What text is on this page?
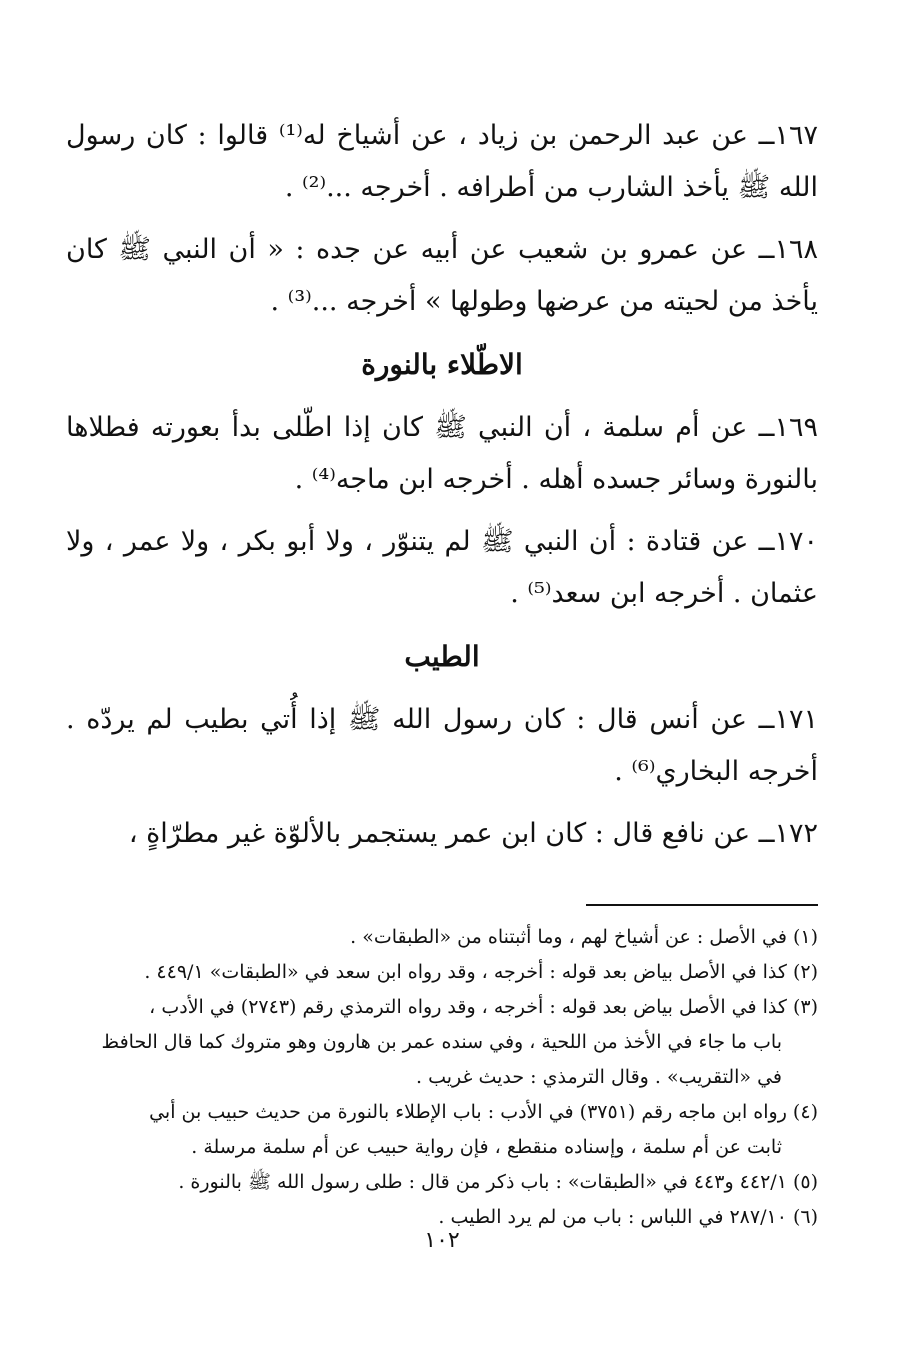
١٦٧ــ عن عبد الرحمن بن زياد ، عن أشياخ له⁽¹⁾ قالوا : كان رسول الله ﷺ يأخذ الشارب من أطرافه . أخرجه ...⁽²⁾ .

١٦٨ــ عن عمرو بن شعيب عن أبيه عن جده : « أن النبي ﷺ كان يأخذ من لحيته من عرضها وطولها » أخرجه ...⁽³⁾ .

الاطّلاء بالنورة

١٦٩ــ عن أم سلمة ، أن النبي ﷺ كان إذا اطّلى بدأ بعورته فطلاها بالنورة وسائر جسده أهله . أخرجه ابن ماجه⁽⁴⁾ .

١٧٠ــ عن قتادة : أن النبي ﷺ لم يتنوّر ، ولا أبو بكر ، ولا عمر ، ولا عثمان . أخرجه ابن سعد⁽⁵⁾ .

الطيب

١٧١ــ عن أنس قال : كان رسول الله ﷺ إذا أُتي بطيب لم يردّه . أخرجه البخاري⁽⁶⁾ .

١٧٢ــ عن نافع قال : كان ابن عمر يستجمر بالألوّة غير مطرّاةٍ ،

(١) في الأصل : عن أشياخ لهم ، وما أثبتناه من «الطبقات» .

(٢) كذا في الأصل بياض بعد قوله : أخرجه ، وقد رواه ابن سعد في «الطبقات» ٤٤٩/١ .

(٣) كذا في الأصل بياض بعد قوله : أخرجه ، وقد رواه الترمذي رقم (٢٧٤٣) في الأدب ،

باب ما جاء في الأخذ من اللحية ، وفي سنده عمر بن هارون وهو متروك كما قال الحافظ

في «التقريب» . وقال الترمذي : حديث غريب .

(٤) رواه ابن ماجه رقم (٣٧٥١) في الأدب : باب الإطلاء بالنورة من حديث حبيب بن أبي

ثابت عن أم سلمة ، وإسناده منقطع ، فإن رواية حبيب عن أم سلمة مرسلة .

(٥) ٤٤٢/١ و٤٤٣ في «الطبقات» : باب ذكر من قال : طلى رسول الله ﷺ بالنورة .

(٦) ٢٨٧/١٠ في اللباس : باب من لم يرد الطيب .

١٠٢
